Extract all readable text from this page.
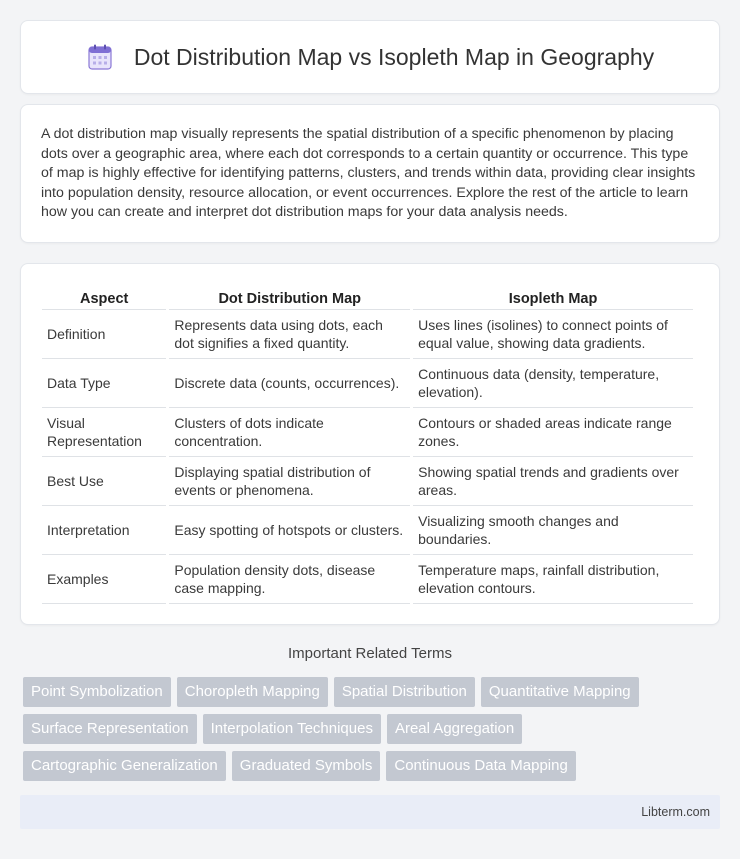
Dot Distribution Map vs Isopleth Map in Geography

A dot distribution map visually represents the spatial distribution of a specific phenomenon by placing dots over a geographic area, where each dot corresponds to a certain quantity or occurrence. This type of map is highly effective for identifying patterns, clusters, and trends within data, providing clear insights into population density, resource allocation, or event occurrences. Explore the rest of the article to learn how you can create and interpret dot distribution maps for your data analysis needs.

Aspect	Dot Distribution Map	Isopleth Map
Definition	Represents data using dots, each dot signifies a fixed quantity.	Uses lines (isolines) to connect points of equal value, showing data gradients.
Data Type	Discrete data (counts, occurrences).	Continuous data (density, temperature, elevation).
Visual Representation	Clusters of dots indicate concentration.	Contours or shaded areas indicate range zones.
Best Use	Displaying spatial distribution of events or phenomena.	Showing spatial trends and gradients over areas.
Interpretation	Easy spotting of hotspots or clusters.	Visualizing smooth changes and boundaries.
Examples	Population density dots, disease case mapping.	Temperature maps, rainfall distribution, elevation contours.
Important Related Terms
Point Symbolization	Choropleth Mapping	Spatial Distribution	Quantitative Mapping
Surface Representation	Interpolation Techniques	Areal Aggregation
Cartographic Generalization	Graduated Symbols	Continuous Data Mapping
Libterm.com
